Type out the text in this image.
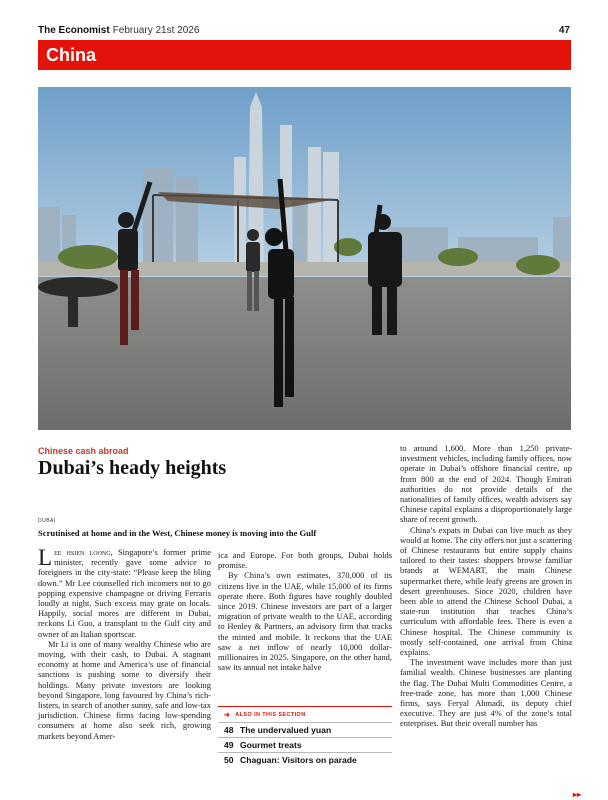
The Economist February 21st 2026	47
China
Chinese cash abroad
Dubai’s heady heights
DUBAI
Scrutinised at home and in the West, Chinese money is moving into the Gulf

Lee hsien loong, Singapore’s former prime minister, recently gave some advice to foreigners in the city-state: “Please keep the bling down.” Mr Lee counselled rich incomers not to go popping expensive champagne or driving Ferraris loudly at night. Such excess may grate on locals. Happily, social mores are different in Dubai, reckons Li Guo, a transplant to the Gulf city and owner of an Italian sportscar.

Mr Li is one of many wealthy Chinese who are moving, with their cash, to Dubai. A stagnant economy at home and America’s use of financial sanctions is pushing some to diversify their holdings. Many private investors are looking beyond Singapore, long favoured by China’s rich-listers, in search of another sunny, safe and low-tax jurisdiction. Chinese firms facing low-spending consumers at home also seek rich, growing markets beyond Amer-

ica and Europe. For both groups, Dubai holds promise.

By China’s own estimates, 370,000 of its citizens live in the UAE, while 15,000 of its firms operate there. Both figures have roughly doubled since 2019. Chinese investors are part of a larger migration of private wealth to the UAE, according to Henley & Partners, an advisory firm that tracks the minted and mobile. It reckons that the UAE saw a net inflow of nearly 10,000 dollar-millionaires in 2025. Singapore, on the other hand, saw its annual net intake halve

to around 1,600. More than 1,250 private-investment vehicles, including family offices, now operate in Dubai’s offshore financial centre, up from 800 at the end of 2024. Though Emirati authorities do not provide details of the nationalities of family offices, wealth advisers say Chinese capital explains a disproportionately large share of recent growth.

China’s expats in Dubai can live much as they would at home. The city offers not just a scattering of Chinese restaurants but entire supply chains tailored to their tastes: shoppers browse familiar brands at WEMART, the main Chinese supermarket there, while leafy greens are grown in desert greenhouses. Since 2020, children have been able to attend the Chinese School Dubai, a state-run institution that teaches China’s curriculum with affordable fees. There is even a Chinese hospital. The Chinese community is mostly self-contained, one arrival from China explains.

The investment wave includes more than just familial wealth. Chinese businesses are planting the flag. The Dubai Multi Commodities Centre, a free-trade zone, has more than 1,000 Chinese firms, says Feryal Ahmadi, its deputy chief executive. They are just 4% of the zone’s total enterprises. But their overall number has

➔ ALSO IN THIS SECTION
48 The undervalued yuan
49 Gourmet treats
50 Chaguan: Visitors on parade
▸▸
